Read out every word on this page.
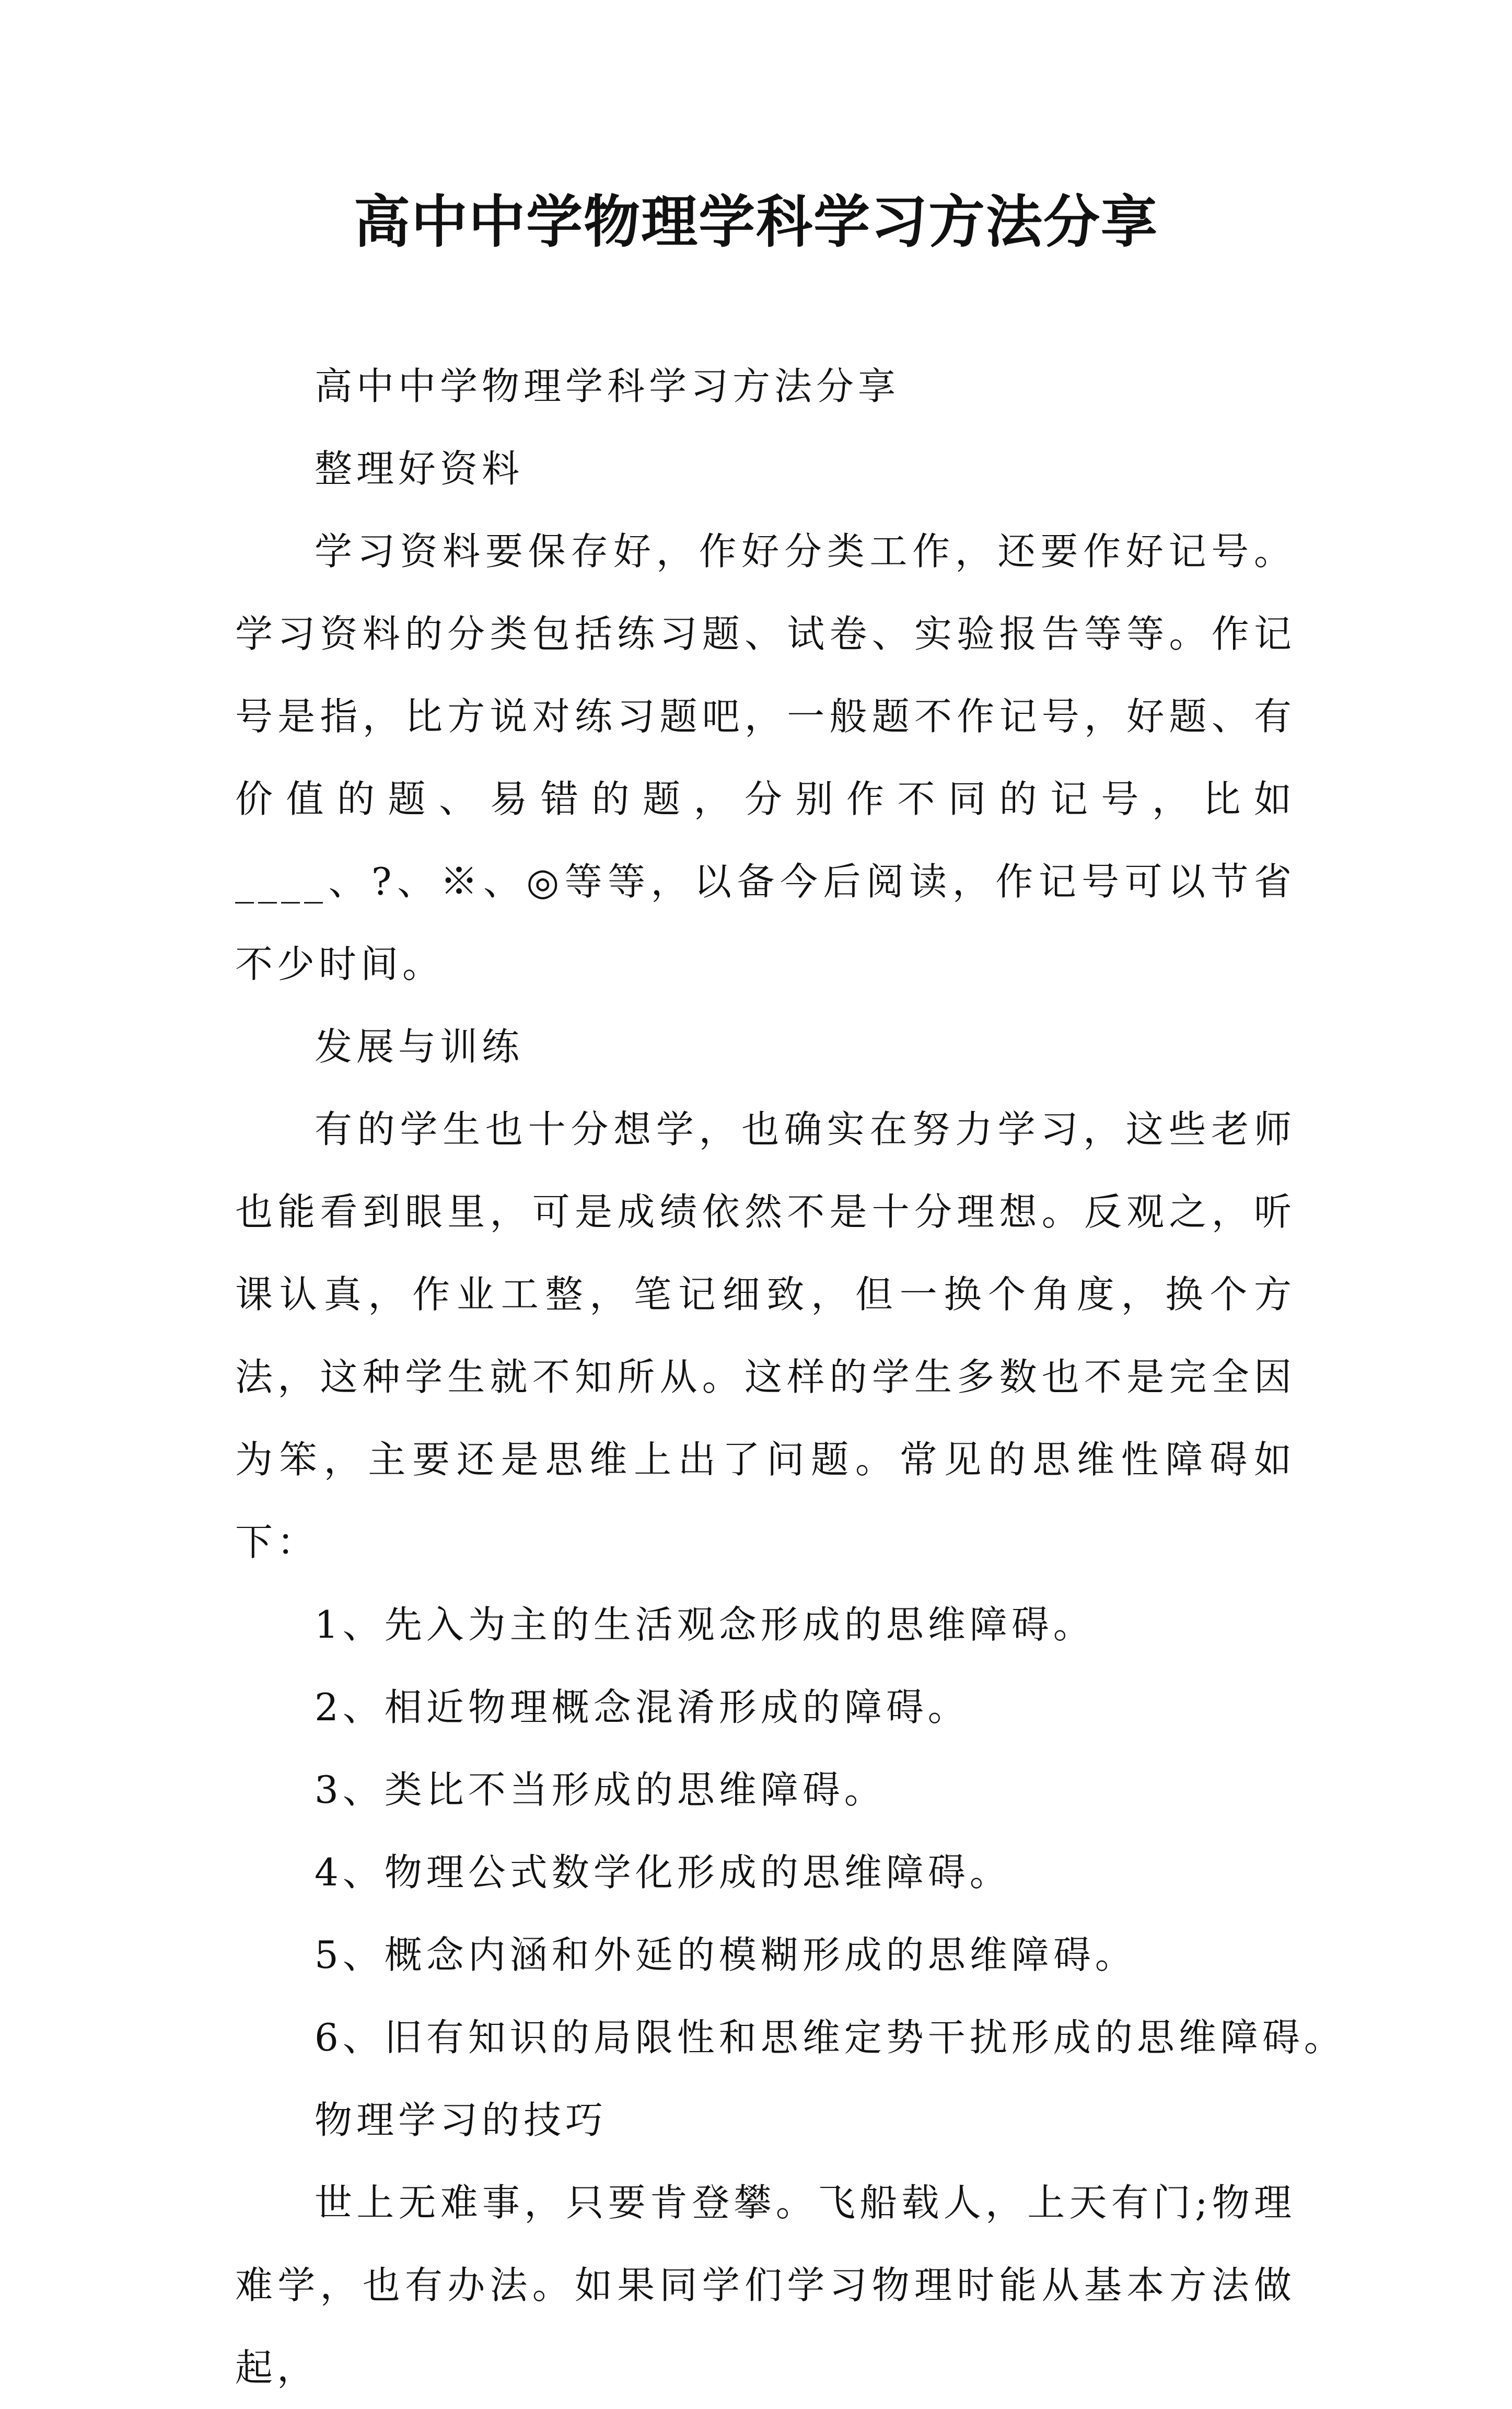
高中中学物理学科学习方法分享
高中中学物理学科学习方法分享
整理好资料
学习资料要保存好，作好分类工作，还要作好记号。学习资料的分类包括练习题、试卷、实验报告等等。作记号是指，比方说对练习题吧，一般题不作记号，好题、有价值的题、易错的题，分别作不同的记号，比如____、?、※、◎等等，以备今后阅读，作记号可以节省不少时间。
发展与训练
有的学生也十分想学，也确实在努力学习，这些老师也能看到眼里，可是成绩依然不是十分理想。反观之，听课认真，作业工整，笔记细致，但一换个角度，换个方法，这种学生就不知所从。这样的学生多数也不是完全因为笨，主要还是思维上出了问题。常见的思维性障碍如下：
1、先入为主的生活观念形成的思维障碍。
2、相近物理概念混淆形成的障碍。
3、类比不当形成的思维障碍。
4、物理公式数学化形成的思维障碍。
5、概念内涵和外延的模糊形成的思维障碍。
6、旧有知识的局限性和思维定势干扰形成的思维障碍。
物理学习的技巧
世上无难事，只要肯登攀。飞船载人，上天有门;物理难学，也有办法。如果同学们学习物理时能从基本方法做起，
